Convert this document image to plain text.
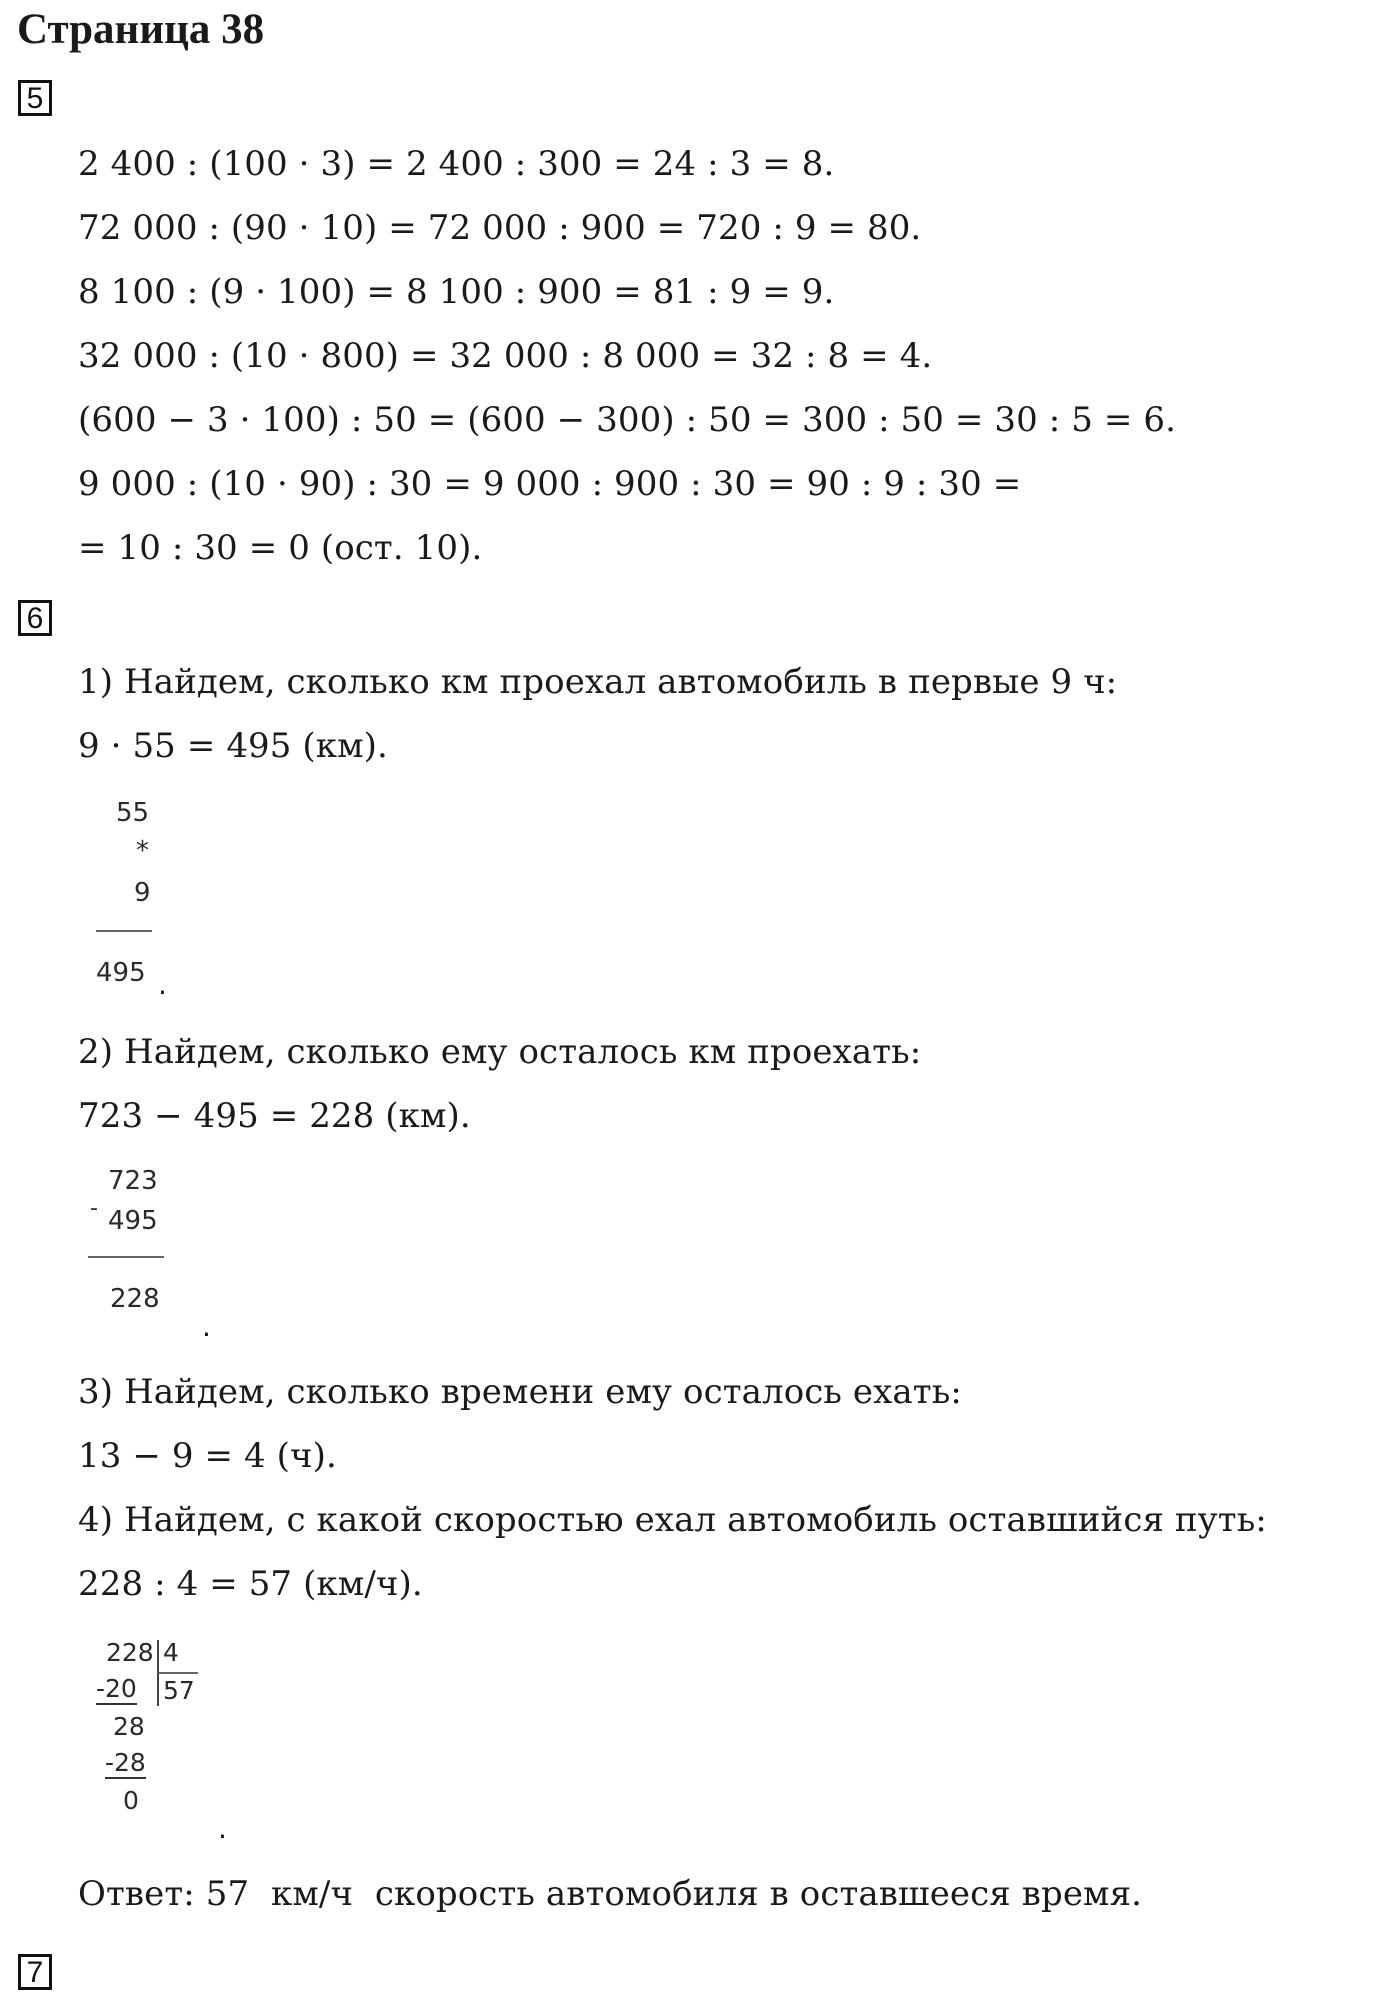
Страница 38
5
2 400 : (100 · 3) = 2 400 : 300 = 24 : 3 = 8.
72 000 : (90 · 10) = 72 000 : 900 = 720 : 9 = 80.
8 100 : (9 · 100) = 8 100 : 900 = 81 : 9 = 9.
32 000 : (10 · 800) = 32 000 : 8 000 = 32 : 8 = 4.
(600 − 3 · 100) : 50 = (600 − 300) : 50 = 300 : 50 = 30 : 5 = 6.
9 000 : (10 · 90) : 30 = 9 000 : 900 : 30 = 90 : 9 : 30 =
= 10 : 30 = 0 (ост. 10).
6
1) Найдем, сколько км проехал автомобиль в первые 9 ч:
9 · 55 = 495 (км).
55
*
9
495 .
2) Найдем, сколько ему осталось км проехать:
723 − 495 = 228 (км).
-
723
495
228
.
3) Найдем, сколько времени ему осталось ехать:
13 − 9 = 4 (ч).
4) Найдем, с какой скоростью ехал автомобиль оставшийся путь:
228 : 4 = 57 (км/ч).
228 4
57
-20
28
-28
0
.
Ответ: 57  км/ч  скорость автомобиля в оставшееся время.
7
